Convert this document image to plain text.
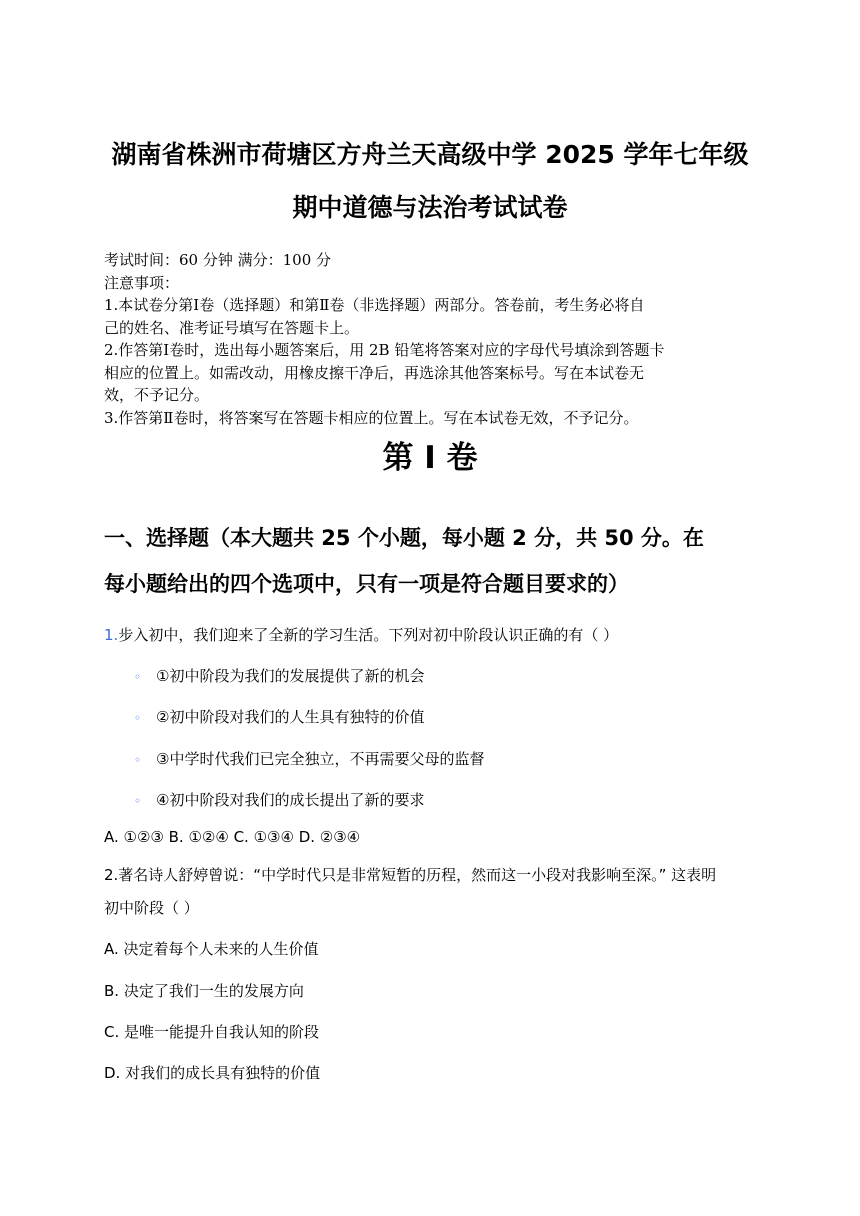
湖南省株洲市荷塘区方舟兰天高级中学 2025 学年七年级
期中道德与法治考试试卷
考试时间：60 分钟 满分：100 分
注意事项：
1.本试卷分第Ⅰ卷（选择题）和第Ⅱ卷（非选择题）两部分。答卷前，考生务必将自
己的姓名、准考证号填写在答题卡上。
2.作答第Ⅰ卷时，选出每小题答案后，用 2B 铅笔将答案对应的字母代号填涂到答题卡
相应的位置上。如需改动，用橡皮擦干净后，再选涂其他答案标号。写在本试卷无
效，不予记分。
3.作答第Ⅱ卷时，将答案写在答题卡相应的位置上。写在本试卷无效，不予记分。
第 I 卷
一、选择题（本大题共 25 个小题，每小题 2 分，共 50 分。在
每小题给出的四个选项中，只有一项是符合题目要求的）
1.步入初中，我们迎来了全新的学习生活。下列对初中阶段认识正确的有（ ）
◦ ①初中阶段为我们的发展提供了新的机会
◦ ②初中阶段对我们的人生具有独特的价值
◦ ③中学时代我们已完全独立，不再需要父母的监督
◦ ④初中阶段对我们的成长提出了新的要求
A. ①②③ B. ①②④ C. ①③④ D. ②③④
2.著名诗人舒婷曾说：“中学时代只是非常短暂的历程，然而这一小段对我影响至深。” 这表明
初中阶段（ ）
A. 决定着每个人未来的人生价值
B. 决定了我们一生的发展方向
C. 是唯一能提升自我认知的阶段
D. 对我们的成长具有独特的价值
